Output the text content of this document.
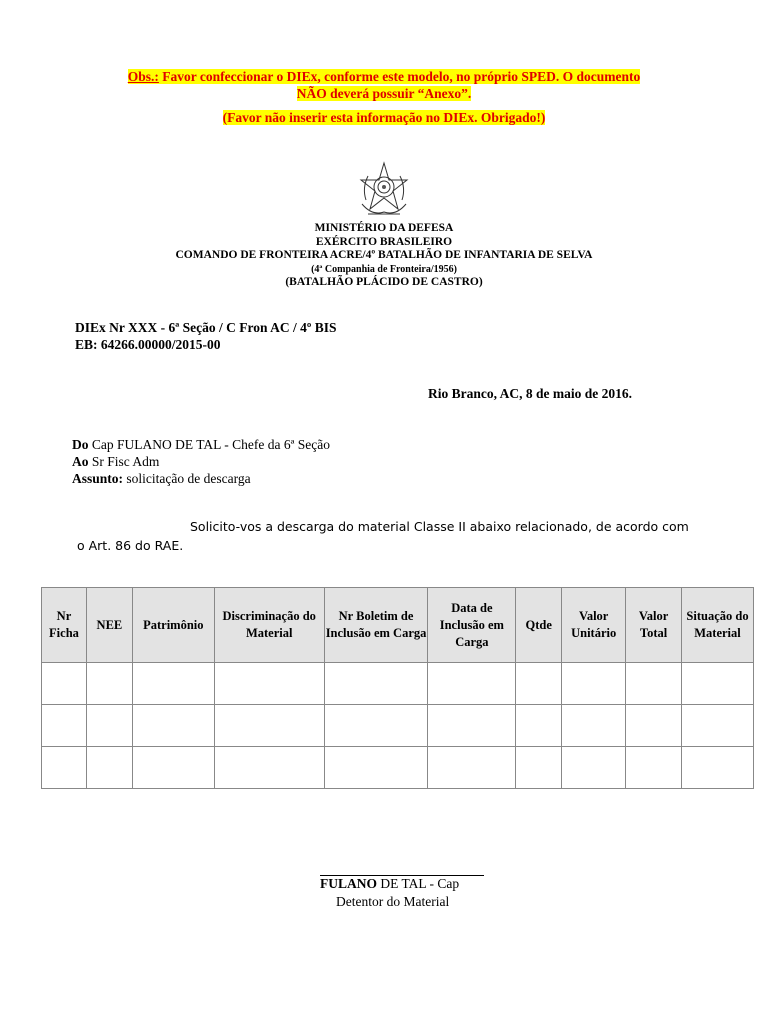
Obs.: Favor confeccionar o DIEx, conforme este modelo, no próprio SPED. O documento
NÃO deverá possuir “Anexo”.
(Favor não inserir esta informação no DIEx. Obrigado!)
MINISTÉRIO DA DEFESA
EXÉRCITO BRASILEIRO
COMANDO DE FRONTEIRA ACRE/4º BATALHÃO DE INFANTARIA DE SELVA
(4ª Companhia de Fronteira/1956)
(BATALHÃO PLÁCIDO DE CASTRO)
DIEx Nr XXX - 6ª Seção / C Fron AC / 4º BIS
EB: 64266.00000/2015-00
Rio Branco, AC, 8 de maio de 2016.
Do Cap FULANO DE TAL - Chefe da 6ª Seção
Ao Sr Fisc Adm
Assunto: solicitação de descarga
Solicito-vos a descarga do material Classe II abaixo relacionado, de acordo com
o Art. 86 do RAE.
Nr Ficha	NEE	Patrimônio	Discriminação do Material	Nr Boletim de Inclusão em Carga	Data de Inclusão em Carga	Qtde	Valor Unitário	Valor Total	Situação do Material

FULANO DE TAL - Cap
Detentor do Material
